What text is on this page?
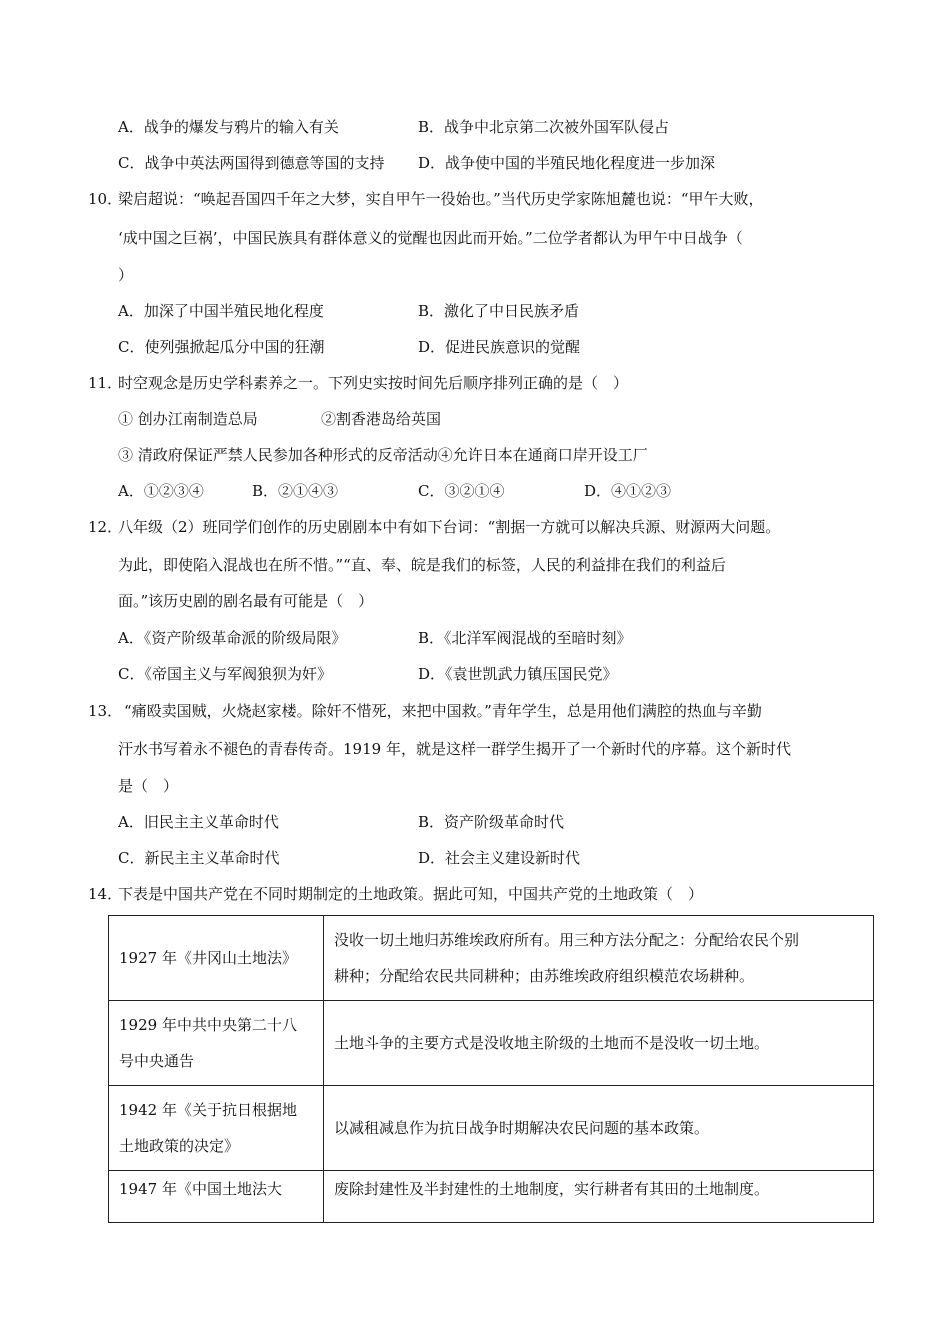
A．战争的爆发与鸦片的输入有关	B．战争中北京第二次被外国军队侵占
C．战争中英法两国得到德意等国的支持 D．战争使中国的半殖民地化程度进一步加深
10．
梁启超说：“唤起吾国四千年之大梦，实自甲午一役始也。”当代历史学家陈旭麓也说：“甲午大败，
‘成中国之巨祸’，中国民族具有群体意义的觉醒也因此而开始。”二位学者都认为甲午中日战争（
）
A．加深了中国半殖民地化程度	B．激化了中日民族矛盾
C．使列强掀起瓜分中国的狂潮	D．促进民族意识的觉醒
11．
时空观念是历史学科素养之一。下列史实按时间先后顺序排列正确的是（　）
① 创办江南制造总局	②割香港岛给英国
③ 清政府保证严禁人民参加各种形式的反帝活动④允许日本在通商口岸开设工厂
A．①②③④	B．②①④③	C．③②①④	D．④①②③
12．
八年级（2）班同学们创作的历史剧剧本中有如下台词：“割据一方就可以解决兵源、财源两大问题。
为此，即使陷入混战也在所不惜。”“直、奉、皖是我们的标签，人民的利益排在我们的利益后
面。”该历史剧的剧名最有可能是（　）
A．《资产阶级革命派的阶级局限》	B．《北洋军阀混战的至暗时刻》
C．《帝国主义与军阀狼狈为奸》	D．《袁世凯武力镇压国民党》
13． “痛殴卖国贼，火烧赵家楼。除奸不惜死，来把中国救。”青年学生，总是用他们满腔的热血与辛勤
汗水书写着永不褪色的青春传奇。1919 年，就是这样一群学生揭开了一个新时代的序幕。这个新时代
是（　）
A．旧民主主义革命时代	B．资产阶级革命时代
C．新民主主义革命时代	D．社会主义建设新时代
14．
下表是中国共产党在不同时期制定的土地政策。据此可知，中国共产党的土地政策（　）
1927 年《井冈山土地法》	没收一切土地归苏维埃政府所有。用三种方法分配之：分配给农民个别
耕种；分配给农民共同耕种；由苏维埃政府组织模范农场耕种。

1929 年中共中央第二十八
号中央通告	土地斗争的主要方式是没收地主阶级的土地而不是没收一切土地。

1942 年《关于抗日根据地
土地政策的决定》	以减租减息作为抗日战争时期解决农民问题的基本政策。

1947 年《中国土地法大	废除封建性及半封建性的土地制度，实行耕者有其田的土地制度。
